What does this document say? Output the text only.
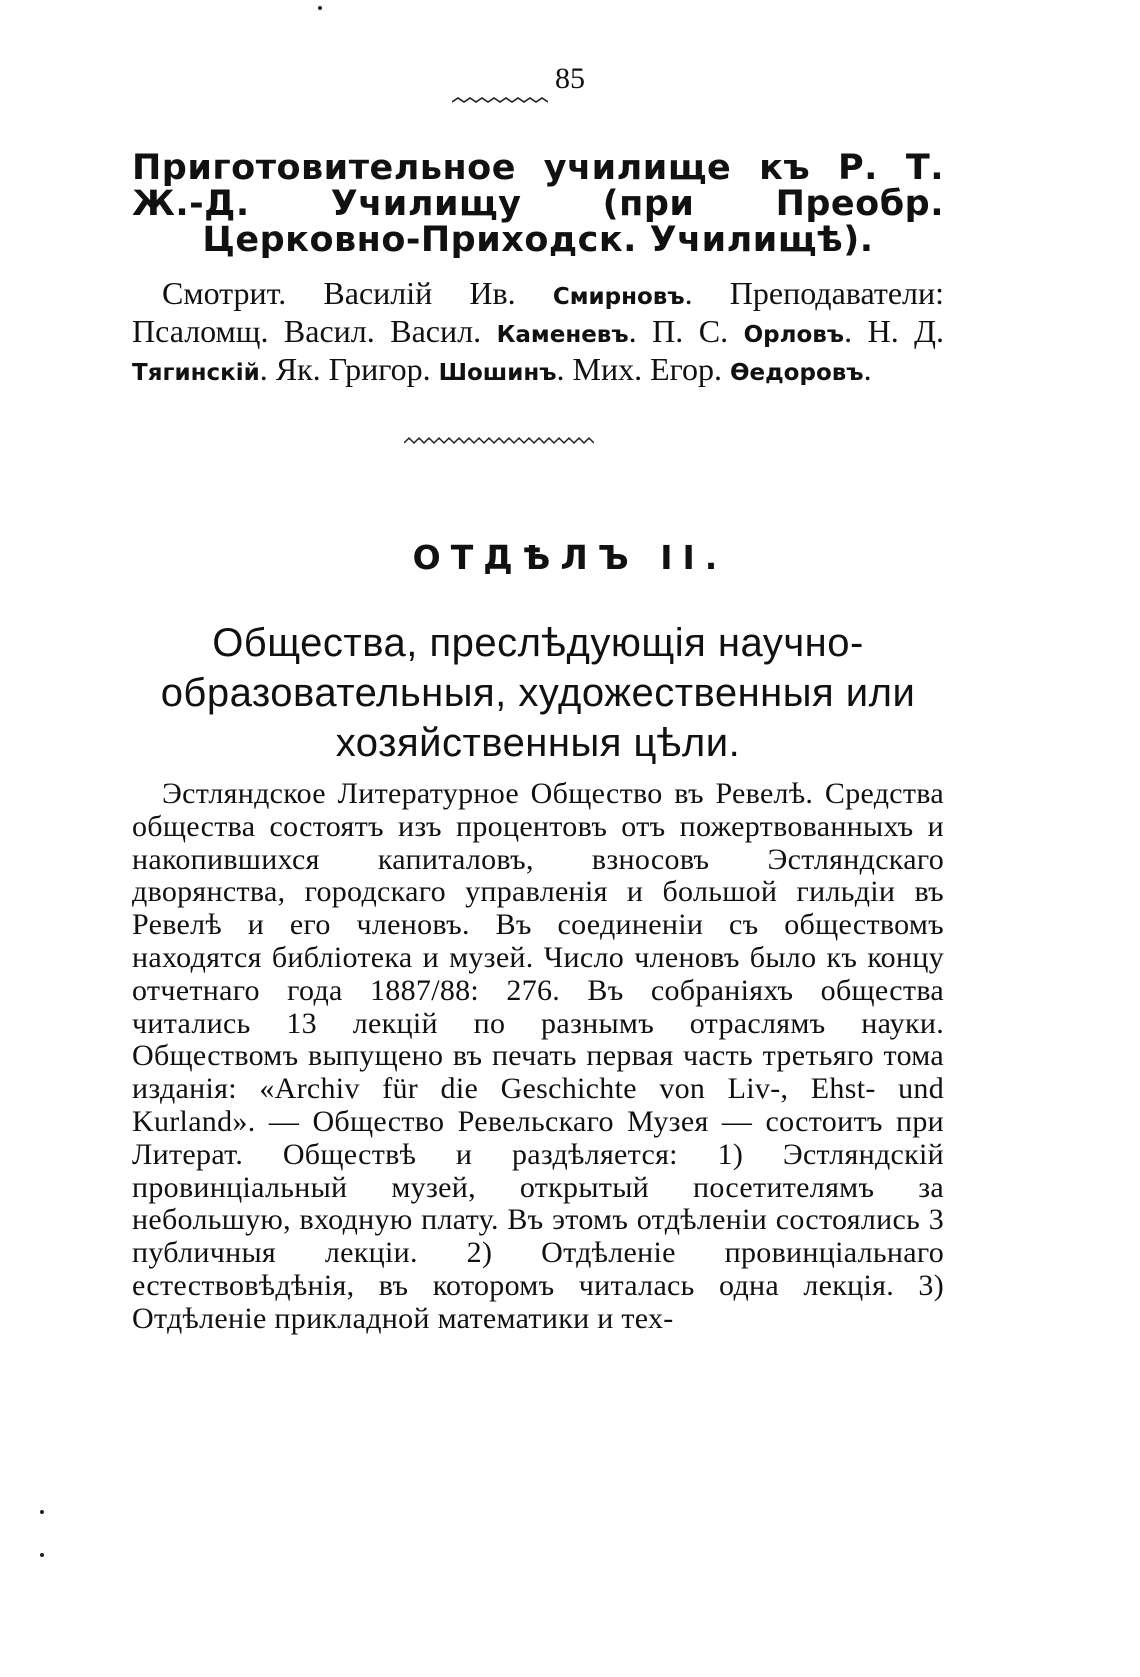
85
Приготовительное училище къ Р. Т. Ж.-Д. Училищу (при Преобр. Церковно-Приходск. Училищѣ).
Смотрит. Василій Ив. Смирновъ. Преподаватели: Псаломщ. Васил. Васил. Каменевъ. П. С. Орловъ. Н. Д. Тягинскій. Як. Григор. Шошинъ. Мих. Егор. Өедоровъ.
ОТДѢЛЪ II.
Общества, преслѣдующія научно-образовательныя, художественныя или хозяйственныя цѣли.
Эстляндское Литературное Общество въ Ревелѣ. Средства общества состоятъ изъ процентовъ отъ пожертвованныхъ и накопившихся капиталовъ, взносовъ Эстляндскаго дворянства, городскаго управленія и большой гильдіи въ Ревелѣ и его членовъ. Въ соединеніи съ обществомъ находятся библіотека и музей. Число членовъ было къ концу отчетнаго года 1887/88: 276. Въ собраніяхъ общества читались 13 лекцій по разнымъ отраслямъ науки. Обществомъ выпущено въ печать первая часть третьяго тома изданія: «Archiv für die Geschichte von Liv-, Ehst- und Kurland». — Общество Ревельскаго Музея — состоитъ при Литерат. Обществѣ и раздѣляется: 1) Эстляндскій провинціальный музей, открытый посетителямъ за небольшую, входную плату. Въ этомъ отдѣленіи состоялись 3 публичныя лекціи. 2) Отдѣленіе провинціальнаго естествовѣдѣнія, въ которомъ читалась одна лекція. 3) Отдѣленіе прикладной математики и тех-
